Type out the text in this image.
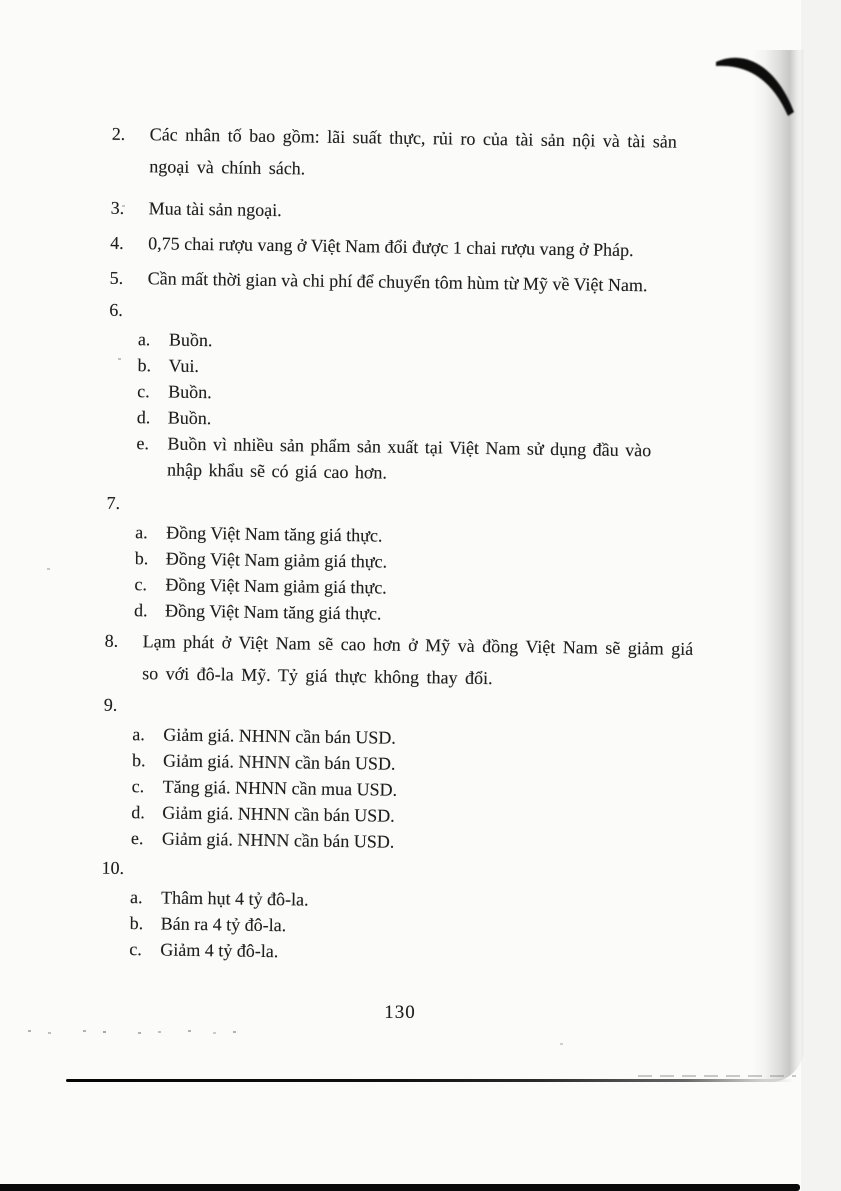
2.	Các nhân tố bao gồm: lãi suất thực, rủi ro của tài sản nội và tài sản
ngoại và chính sách.
3.	Mua tài sản ngoại.
4.	0,75 chai rượu vang ở Việt Nam đổi được 1 chai rượu vang ở Pháp.
5.	Cần mất thời gian và chi phí để chuyển tôm hùm từ Mỹ về Việt Nam.
6.
a.	Buồn.
b. Vui.
c.	Buồn.
d. Buồn.
e.	Buồn vì nhiều sản phẩm sản xuất tại Việt Nam sử dụng đầu vào
nhập khẩu sẽ có giá cao hơn.
7.
a.	Đồng Việt Nam tăng giá thực.
b. Đồng Việt Nam giảm giá thực.
c.	Đồng Việt Nam giảm giá thực.
d. Đồng Việt Nam tăng giá thực.
8.	Lạm phát ở Việt Nam sẽ cao hơn ở Mỹ và đồng Việt Nam sẽ giảm giá
so với đô-la Mỹ. Tỷ giá thực không thay đổi.
9.
a.	Giảm giá. NHNN cần bán USD.
b. Giảm giá. NHNN cần bán USD.
c.	Tăng giá. NHNN cần mua USD.
d. Giảm giá. NHNN cần bán USD.
e.	Giảm giá. NHNN cần bán USD.
10.
a.	Thâm hụt 4 tỷ đô-la.
b. Bán ra 4 tỷ đô-la.
c.	Giảm 4 tỷ đô-la.
130
